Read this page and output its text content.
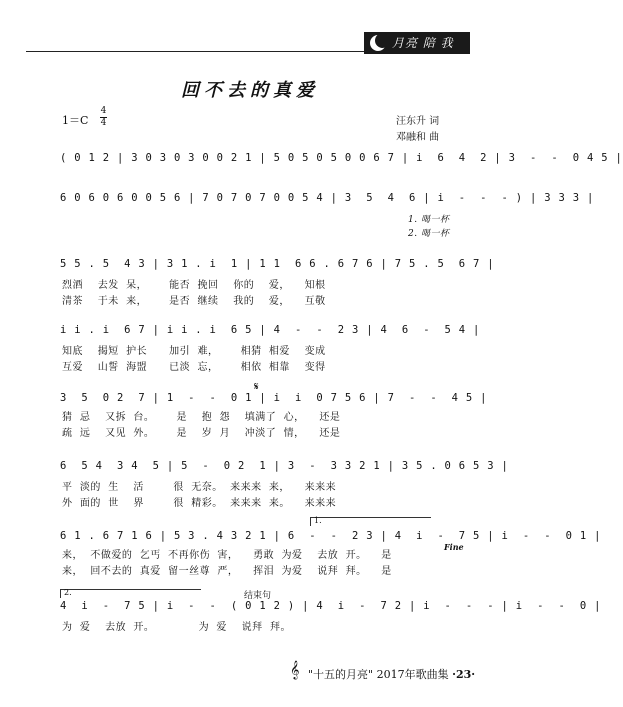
月亮 陪 我
回不去的真爱
1＝C
4
4	汪东升 词
邓融和 曲
( 0 1 2 | 3 0 3 0 3 0 0 2 1 | 5 0 5 0 5 0 0 6 7 | i  6  4  2 | 3  -  -  0 4 5 |
6 0 6 0 6 0 0 5 6 | 7 0 7 0 7 0 0 5 4 | 3  5  4  6 | i  -  -  - ) | 3 3 3 |
1. 喝一杯
2. 喝一杯
5 5 . 5  4 3 | 3 1 . i  1 | 1 1  6 6 . 6 7 6 | 7 5 . 5  6 7 |
烈酒    去发  呆，      能否  挽回    你的    爱，    知根
清茶    于未  来，      是否  继续    我的    爱，    互敬
i i . i  6 7 | i i . i  6 5 | 4  -  -  2 3 | 4  6  -  5 4 |
知底    揭短  护长      加引  难，      相猜  相爱    变成
互爱    山誓  海盟      已淡  忘，      相依  相靠    变得
𝄋
3  5  0 2  7 | 1  -  -  0 1 | i  i  0 7 5 6 | 7  -  -  4 5 |
猜  忌    又拆  台。      是    抱  怨    填满了  心，    还是
疏  远    又见  外。      是    岁  月    冲淡了  情，    还是
6  5 4  3 4  5 | 5  -  0 2  1 | 3  -  3 3 2 1 | 3 5 . 0 6 5 3 |
平  淡的  生    活        很  无奈。  来来来  来，    来来来
外  面的  世    界        很  精彩。  来来来  来。    来来来
1.
6 1 . 6 7 1 6 | 5 3 . 4 3 2 1 | 6  -  -  2 3 | 4  i  -  7 5 | i  -  -  0 1 |
Fine
来，  不做爱的  乞丐  不再你伤  害，    勇敢  为爱    去放  开。    是
来，  回不去的  真爱  留一丝尊  严，    挥泪  为爱    说拜  拜。    是
2.	结束句
4  i  -  7 5 | i  -  -  ( 0 1 2 ) | 4  i  -  7 2 | i  -  -  - | i  -  -  0 |
为  爱    去放  开。            为  爱    说拜  拜。
𝄞 "十五的月亮" 2017年歌曲集 ·23·
